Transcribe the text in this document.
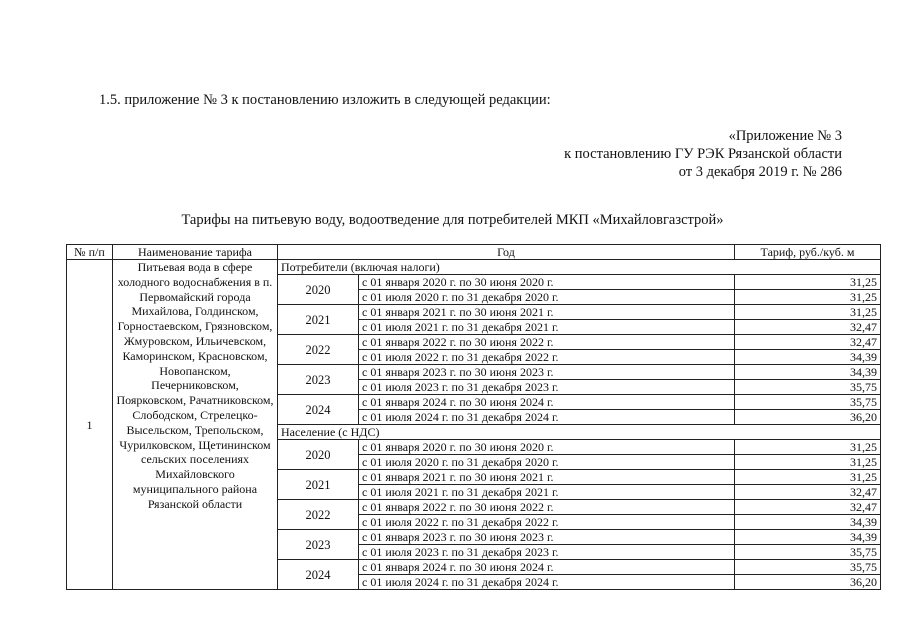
1.5. приложение № 3 к постановлению изложить в следующей редакции:
«Приложение № 3
к постановлению ГУ РЭК Рязанской области
от 3 декабря 2019 г. № 286
Тарифы на питьевую воду, водоотведение для потребителей МКП «Михайловгазстрой»
№ п/п	Наименование тарифа	Год		Тариф, руб./куб. м
1	Питьевая вода в сфере холодного водоснабжения в п. Первомайский города Михайлова, Голдинском, Горностаевском, Грязновском, Жмуровском, Ильичевском, Каморинском, Красновском, Новопанском, Печерниковском, Поярковском, Рачатниковском, Слободском, Стрелецко-Высельском, Трепольском, Чурилковском, Щетининском сельских поселениях Михайловского муниципального района Рязанской области	Потребители (включая налоги)		
		2020	с 01 января 2020 г. по 30 июня 2020 г.	31,25
			с 01 июля 2020 г. по 31 декабря 2020 г.	31,25
		2021	с 01 января 2021 г. по 30 июня 2021 г.	31,25
			с 01 июля 2021 г. по 31 декабря 2021 г.	32,47
		2022	с 01 января 2022 г. по 30 июня 2022 г.	32,47
			с 01 июля 2022 г. по 31 декабря 2022 г.	34,39
		2023	с 01 января 2023 г. по 30 июня 2023 г.	34,39
			с 01 июля 2023 г. по 31 декабря 2023 г.	35,75
		2024	с 01 января 2024 г. по 30 июня 2024 г.	35,75
			с 01 июля 2024 г. по 31 декабря 2024 г.	36,20
		Население (с НДС)		
		2020	с 01 января 2020 г. по 30 июня 2020 г.	31,25
			с 01 июля 2020 г. по 31 декабря 2020 г.	31,25
		2021	с 01 января 2021 г. по 30 июня 2021 г.	31,25
			с 01 июля 2021 г. по 31 декабря 2021 г.	32,47
		2022	с 01 января 2022 г. по 30 июня 2022 г.	32,47
			с 01 июля 2022 г. по 31 декабря 2022 г.	34,39
		2023	с 01 января 2023 г. по 30 июня 2023 г.	34,39
			с 01 июля 2023 г. по 31 декабря 2023 г.	35,75
		2024	с 01 января 2024 г. по 30 июня 2024 г.	35,75
			с 01 июля 2024 г. по 31 декабря 2024 г.	36,20
